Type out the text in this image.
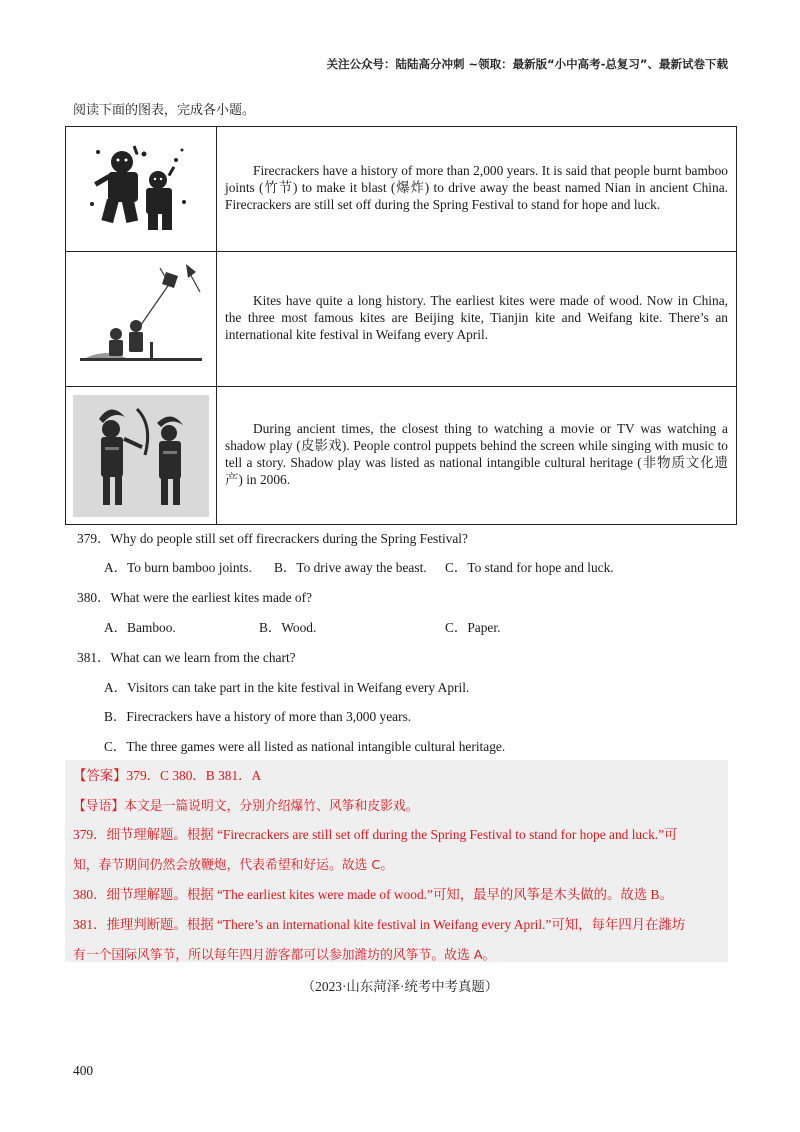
关注公众号：陆陆高分冲刺 ~领取：最新版“小中高考-总复习”、最新试卷下载
阅读下面的图表，完成各小题。

Firecrackers have a history of more than 2,000 years. It is said that people burnt bamboo joints (竹节) to make it blast (爆炸) to drive away the beast named Nian in ancient China. Firecrackers are still set off during the Spring Festival to stand for hope and luck.

Kites have quite a long history. The earliest kites were made of wood. Now in China, the three most famous kites are Beijing kite, Tianjin kite and Weifang kite. There’s an international kite festival in Weifang every April.

During ancient times, the closest thing to watching a movie or TV was watching a shadow play (皮影戏). People control puppets behind the screen while singing with music to tell a story. Shadow play was listed as national intangible cultural heritage (非物质文化遗产) in 2006.

379．Why do people still set off firecrackers during the Spring Festival?
A．To burn bamboo joints. B．To drive away the beast. C．To stand for hope and luck.
380．What were the earliest kites made of?
A．Bamboo.	B．Wood.	C．Paper.
381．What can we learn from the chart?
A．Visitors can take part in the kite festival in Weifang every April.
B．Firecrackers have a history of more than 3,000 years.
C．The three games were all listed as national intangible cultural heritage.
【答案】379．C 380．B 381．A
【导语】本文是一篇说明文，分别介绍爆竹、风筝和皮影戏。
379．细节理解题。根据 “Firecrackers are still set off during the Spring Festival to stand for hope and luck.”可
知，春节期间仍然会放鞭炮，代表希望和好运。故选 C。
380．细节理解题。根据 “The earliest kites were made of wood.”可知，最早的风筝是木头做的。故选 B。
381．推理判断题。根据 “There’s an international kite festival in Weifang every April.”可知，每年四月在潍坊
有一个国际风筝节，所以每年四月游客都可以参加潍坊的风筝节。故选 A。
（2023·山东菏泽·统考中考真题）
400
